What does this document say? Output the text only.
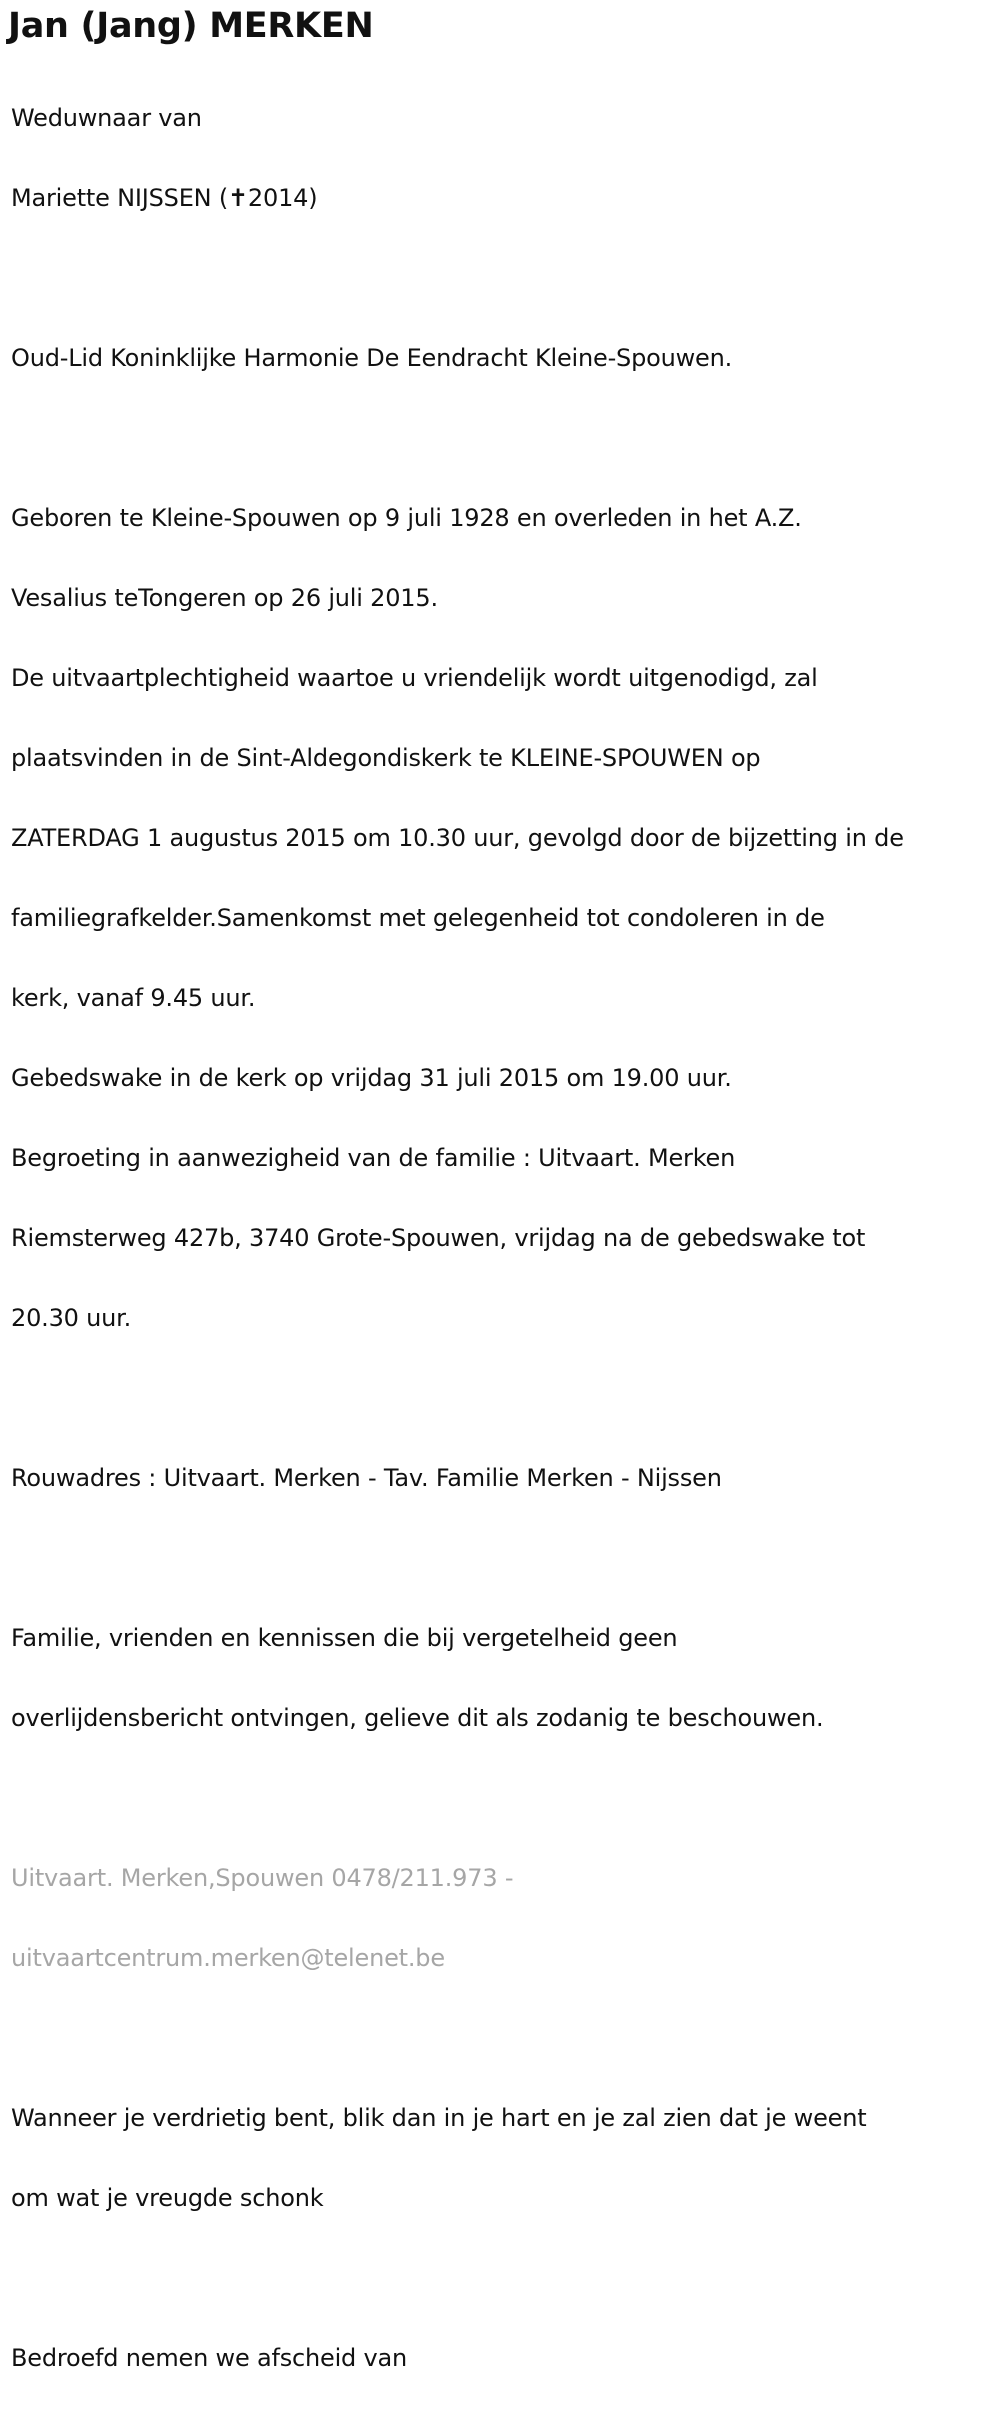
Jan (Jang) MERKEN

Weduwnaar van

Mariette NIJSSEN (✝2014)

Oud-Lid Koninklijke Harmonie De Eendracht Kleine-Spouwen.

Geboren te Kleine-Spouwen op 9 juli 1928 en overleden in het A.Z.

Vesalius teTongeren op 26 juli 2015.

De uitvaartplechtigheid waartoe u vriendelijk wordt uitgenodigd, zal

plaatsvinden in de Sint-Aldegondiskerk te KLEINE-SPOUWEN op

ZATERDAG 1 augustus 2015 om 10.30 uur, gevolgd door de bijzetting in de

familiegrafkelder.Samenkomst met gelegenheid tot condoleren in de

kerk, vanaf 9.45 uur.

Gebedswake in de kerk op vrijdag 31 juli 2015 om 19.00 uur.

Begroeting in aanwezigheid van de familie : Uitvaart. Merken

Riemsterweg 427b, 3740 Grote-Spouwen, vrijdag na de gebedswake tot

20.30 uur.

Rouwadres : Uitvaart. Merken - Tav. Familie Merken - Nijssen

Familie, vrienden en kennissen die bij vergetelheid geen

overlijdensbericht ontvingen, gelieve dit als zodanig te beschouwen.

Uitvaart. Merken,Spouwen 0478/211.973 -

uitvaartcentrum.merken@telenet.be

Wanneer je verdrietig bent, blik dan in je hart en je zal zien dat je weent

om wat je vreugde schonk

Bedroefd nemen we afscheid van
